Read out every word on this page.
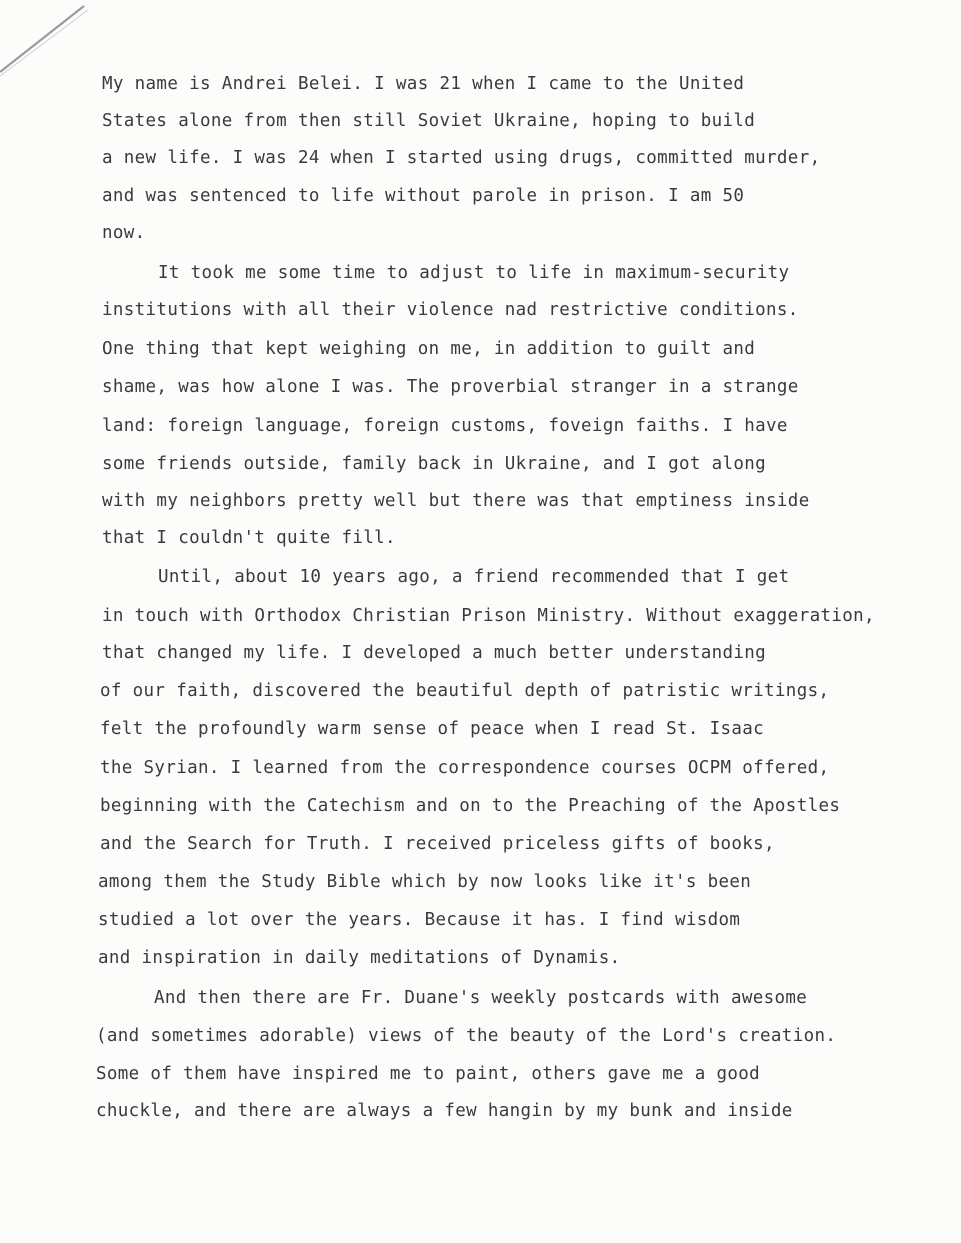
My name is Andrei Belei. I was 21 when I came to the United
States alone from then still Soviet Ukraine, hoping to build
a new life. I was 24 when I started using drugs, committed murder,
and was sentenced to life without parole in prison. I am 50
now.
It took me some time to adjust to life in maximum-security
institutions with all their violence nad restrictive conditions.
One thing that kept weighing on me, in addition to guilt and
shame, was how alone I was. The proverbial stranger in a strange
land: foreign language, foreign customs, foveign faiths. I have
some friends outside, family back in Ukraine, and I got along
with my neighbors pretty well but there was that emptiness inside
that I couldn't quite fill.
Until, about 10 years ago, a friend recommended that I get
in touch with Orthodox Christian Prison Ministry. Without exaggeration,
that changed my life. I developed a much better understanding
of our faith, discovered the beautiful depth of patristic writings,
felt the profoundly warm sense of peace when I read St. Isaac
the Syrian. I learned from the correspondence courses OCPM offered,
beginning with the Catechism and on to the Preaching of the Apostles
and the Search for Truth. I received priceless gifts of books,
among them the Study Bible which by now looks like it's been
studied a lot over the years. Because it has. I find wisdom
and inspiration in daily meditations of Dynamis.
And then there are Fr. Duane's weekly postcards with awesome
(and sometimes adorable) views of the beauty of the Lord's creation.
Some of them have inspired me to paint, others gave me a good
chuckle, and there are always a few hangin by my bunk and inside
